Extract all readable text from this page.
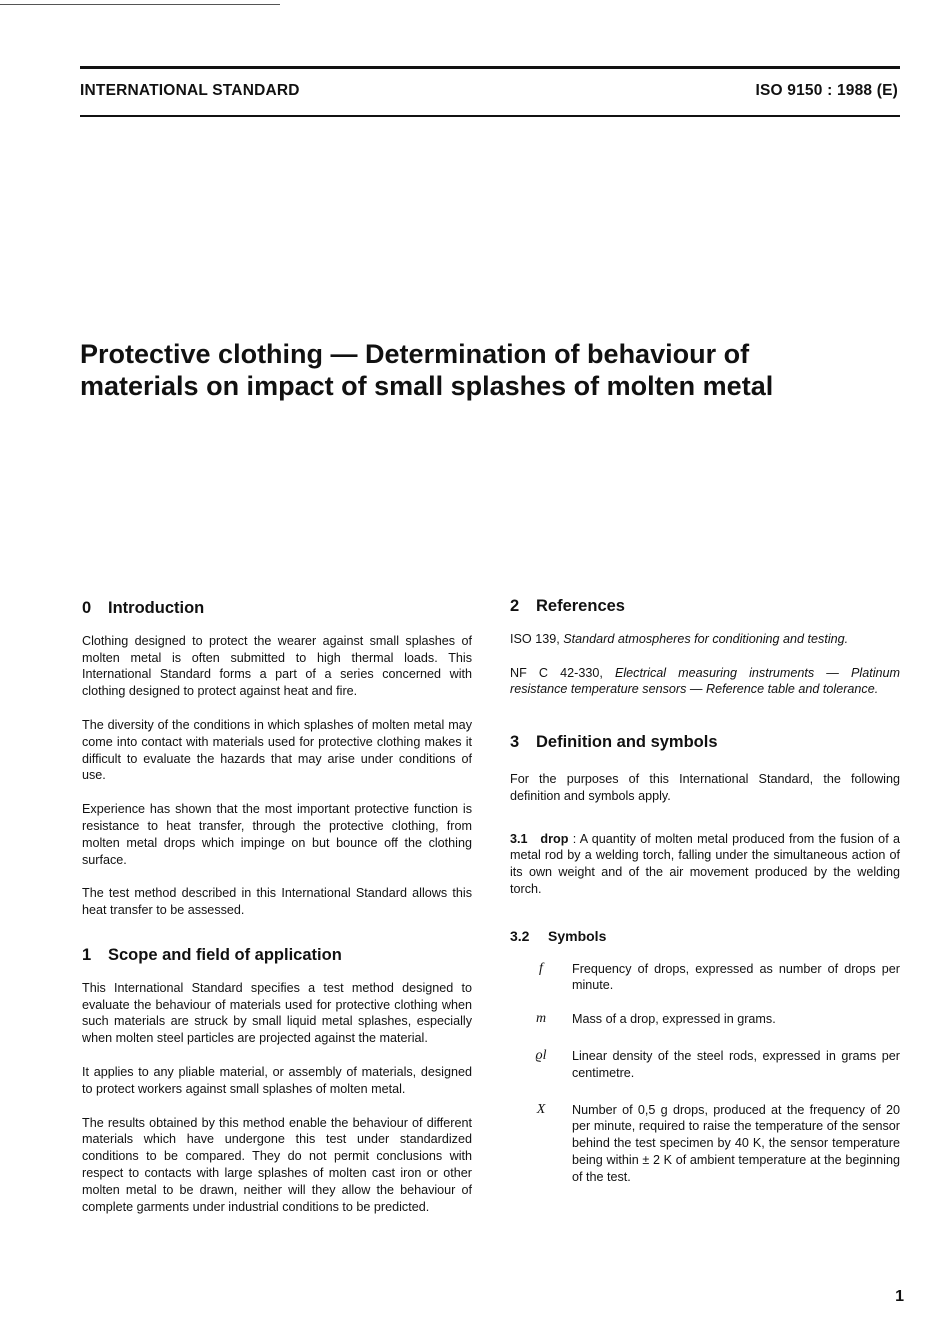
INTERNATIONAL STANDARD	ISO 9150 : 1988 (E)
Protective clothing — Determination of behaviour of
materials on impact of small splashes of molten metal
0 Introduction

Clothing designed to protect the wearer against small splashes of molten metal is often submitted to high thermal loads. This International Standard forms a part of a series concerned with clothing designed to protect against heat and fire.

The diversity of the conditions in which splashes of molten metal may come into contact with materials used for protective clothing makes it difficult to evaluate the hazards that may arise under conditions of use.

Experience has shown that the most important protective function is resistance to heat transfer, through the protective clothing, from molten metal drops which impinge on but bounce off the clothing surface.

The test method described in this International Standard allows this heat transfer to be assessed.

1 Scope and field of application

This International Standard specifies a test method designed to evaluate the behaviour of materials used for protective clothing when such materials are struck by small liquid metal splashes, especially when molten steel particles are projected against the material.

It applies to any pliable material, or assembly of materials, designed to protect workers against small splashes of molten metal.

The results obtained by this method enable the behaviour of different materials which have undergone this test under standardized conditions to be compared. They do not permit conclusions with respect to contacts with large splashes of molten cast iron or other molten metal to be drawn, neither will they allow the behaviour of complete garments under industrial conditions to be predicted.

2 References

ISO 139, Standard atmospheres for conditioning and testing.

NF C 42-330, Electrical measuring instruments — Platinum resistance temperature sensors — Reference table and tolerance.

3 Definition and symbols

For the purposes of this International Standard, the following definition and symbols apply.

3.1 drop : A quantity of molten metal produced from the fusion of a metal rod by a welding torch, falling under the simultaneous action of its own weight and of the air movement produced by the welding torch.

3.2 Symbols
f	Frequency of drops, expressed as number of drops per minute.
m	Mass of a drop, expressed in grams.
ϱl	Linear density of the steel rods, expressed in grams per centimetre.
X	Number of 0,5 g drops, produced at the frequency of 20 per minute, required to raise the temperature of the sensor behind the test specimen by 40 K, the sensor temperature being within ± 2 K of ambient temperature at the beginning of the test.
1
